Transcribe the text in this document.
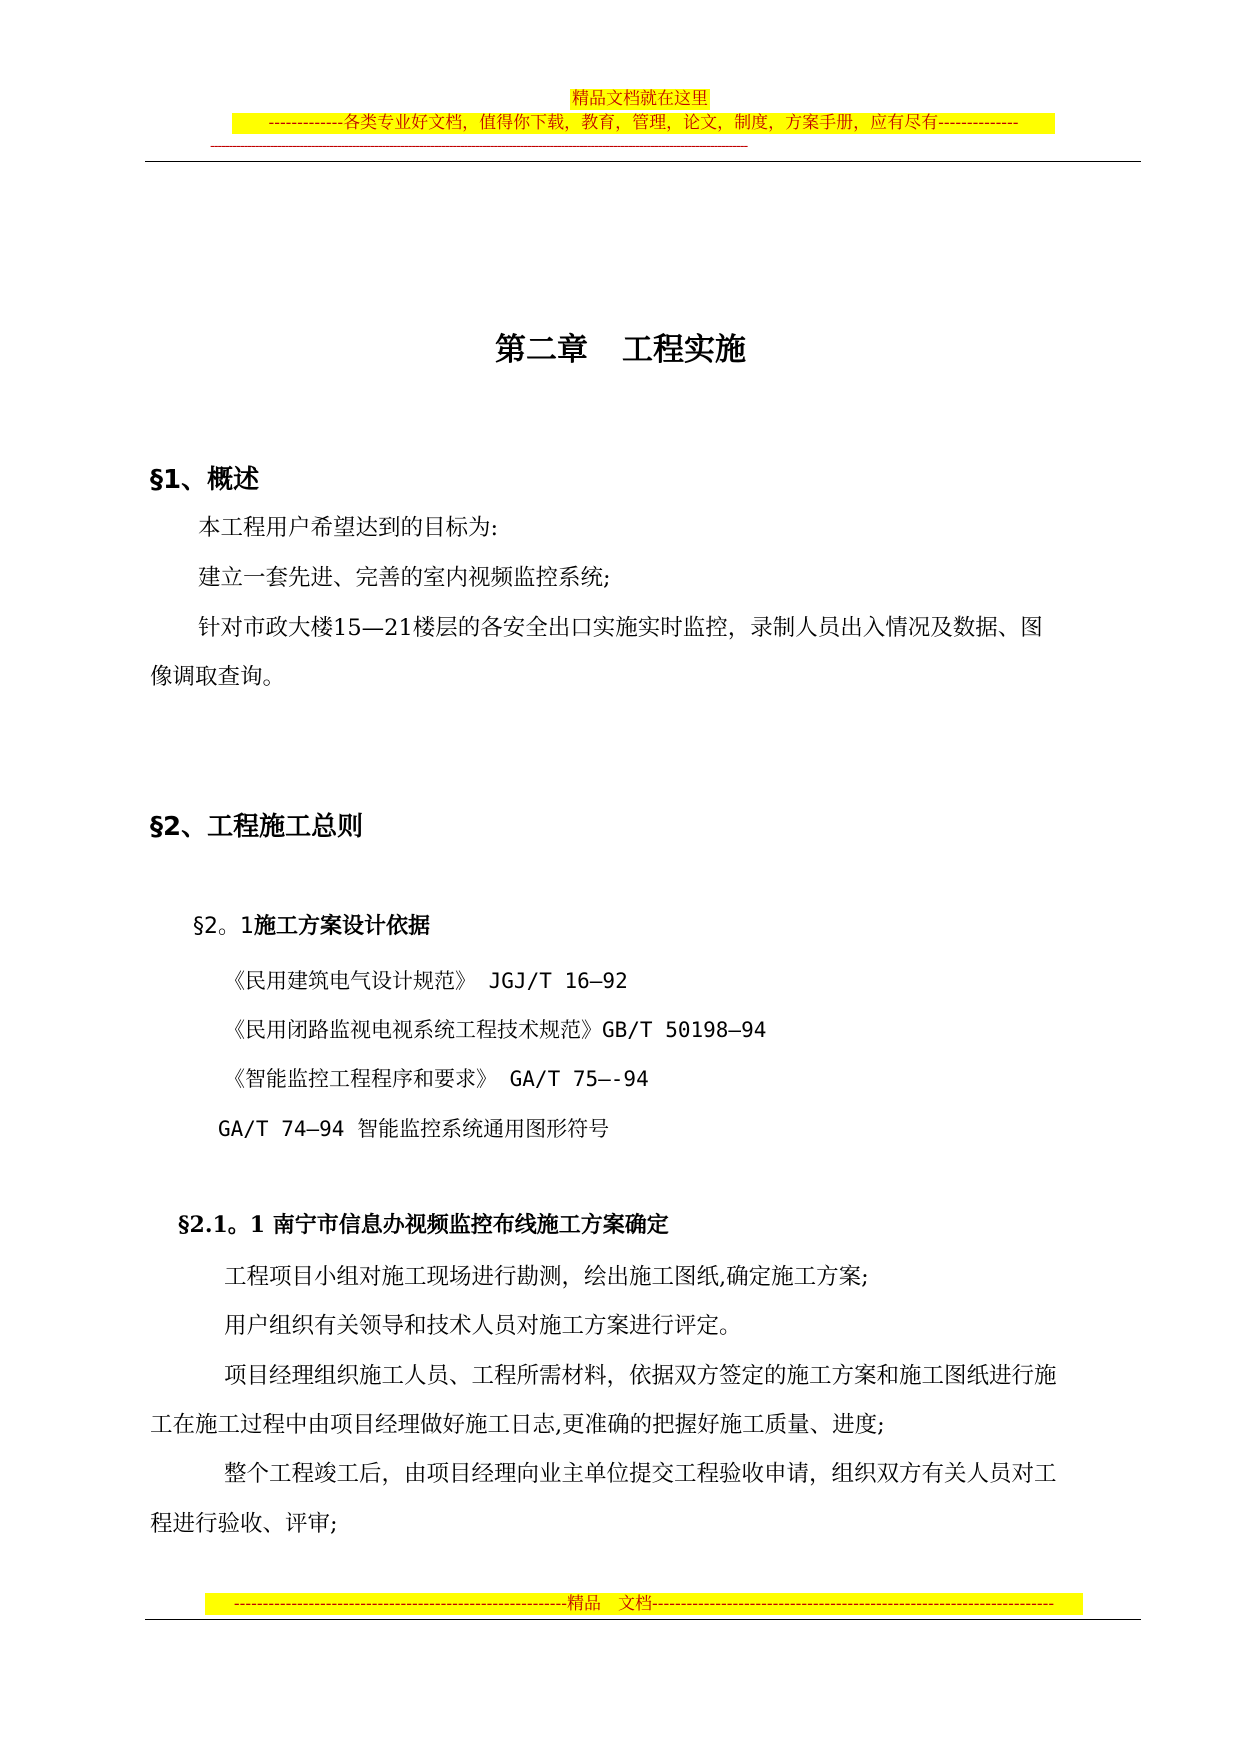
精品文档就在这里
-------------各类专业好文档，值得你下载，教育，管理，论文，制度，方案手册，应有尽有--------------
------------------------------------------------------------------------------------------------------------------------------------------------
第二章 工程实施
§1、概述
本工程用户希望达到的目标为:
建立一套先进、完善的室内视频监控系统;
针对市政大楼15—21楼层的各安全出口实施实时监控，录制人员出入情况及数据、图
像调取查询。
§2、工程施工总则
§2。1施工方案设计依据
《民用建筑电气设计规范》 JGJ/T 16—92
《民用闭路监视电视系统工程技术规范》GB/T 50198—94
《智能监控工程程序和要求》 GA/T 75—-94
GA/T 74—94 智能监控系统通用图形符号
§2.1。1 南宁市信息办视频监控布线施工方案确定
工程项目小组对施工现场进行勘测，绘出施工图纸,确定施工方案;
用户组织有关领导和技术人员对施工方案进行评定。
项目经理组织施工人员、工程所需材料，依据双方签定的施工方案和施工图纸进行施
工在施工过程中由项目经理做好施工日志,更准确的把握好施工质量、进度;
整个工程竣工后，由项目经理向业主单位提交工程验收申请，组织双方有关人员对工
程进行验收、评审;
----------------------------------------------------------精品　文档----------------------------------------------------------------------
